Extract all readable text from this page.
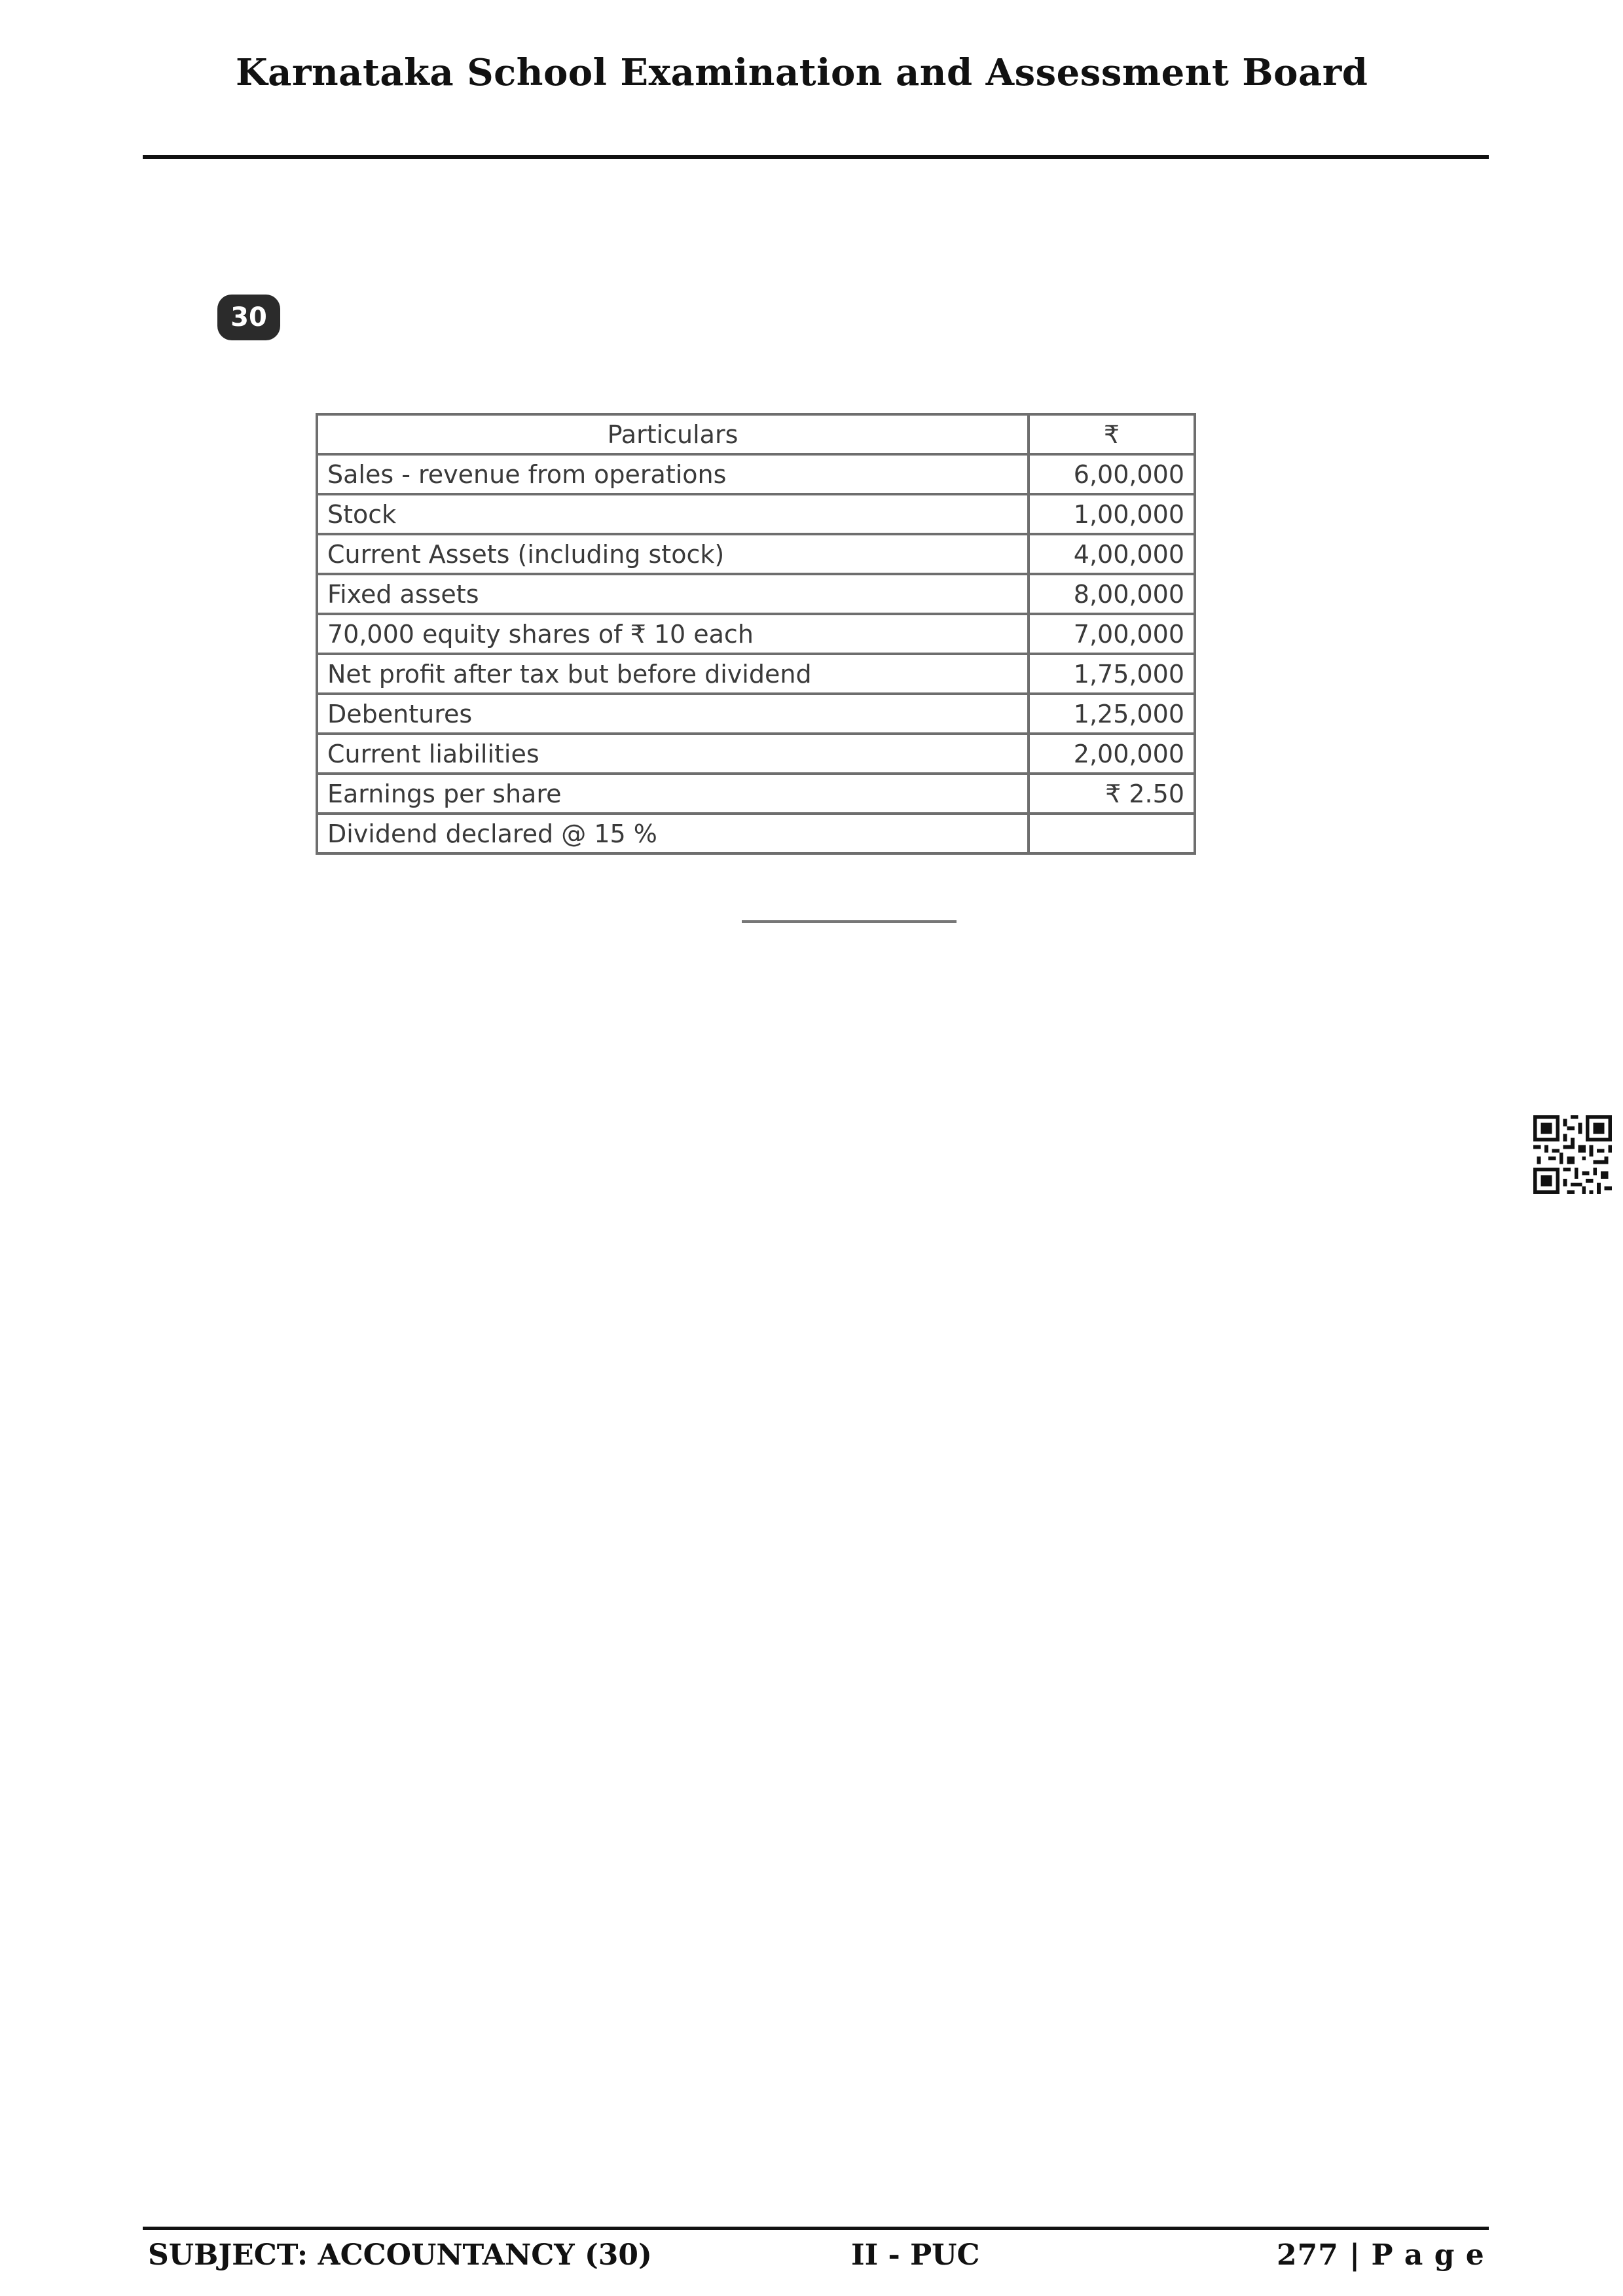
Karnataka School Examination and Assessment Board
30
Particulars	₹
Sales - revenue from operations	6,00,000
Stock	1,00,000
Current Assets (including stock)	4,00,000
Fixed assets	8,00,000
70,000 equity shares of ₹ 10 each	7,00,000
Net profit after tax but before dividend	1,75,000
Debentures	1,25,000
Current liabilities	2,00,000
Earnings per share	₹ 2.50
Dividend declared @ 15 %	
SUBJECT: ACCOUNTANCY (30)	II - PUC	277 | P a g e
